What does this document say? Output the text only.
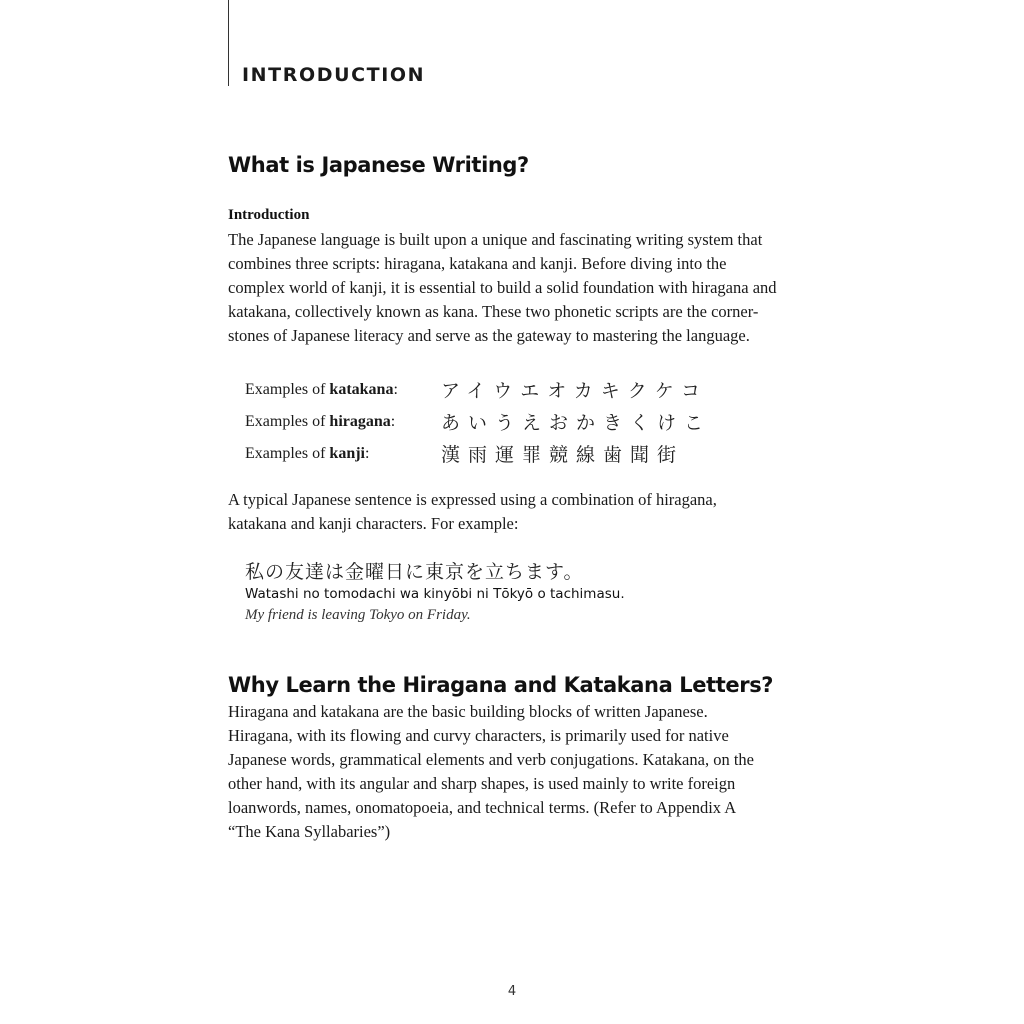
INTRODUCTION
What is Japanese Writing?
Introduction
The Japanese language is built upon a unique and fascinating writing system that
combines three scripts: hiragana, katakana and kanji. Before diving into the
complex world of kanji, it is essential to build a solid foundation with hiragana and
katakana, collectively known as kana. These two phonetic scripts are the corner-
stones of Japanese literacy and serve as the gateway to mastering the language.
Examples of katakana: アイウエオカキクケコ
Examples of hiragana: あいうえおかきくけこ
Examples of kanji:	漢雨運罪競線歯聞街
A typical Japanese sentence is expressed using a combination of hiragana,
katakana and kanji characters. For example:
私の友達は金曜日に東京を立ちます。
Watashi no tomodachi wa kinyōbi ni Tōkyō o tachimasu.
My friend is leaving Tokyo on Friday.
Why Learn the Hiragana and Katakana Letters?
Hiragana and katakana are the basic building blocks of written Japanese.
Hiragana, with its flowing and curvy characters, is primarily used for native
Japanese words, grammatical elements and verb conjugations. Katakana, on the
other hand, with its angular and sharp shapes, is used mainly to write foreign
loanwords, names, onomatopoeia, and technical terms. (Refer to Appendix A
“The Kana Syllabaries”)
4
